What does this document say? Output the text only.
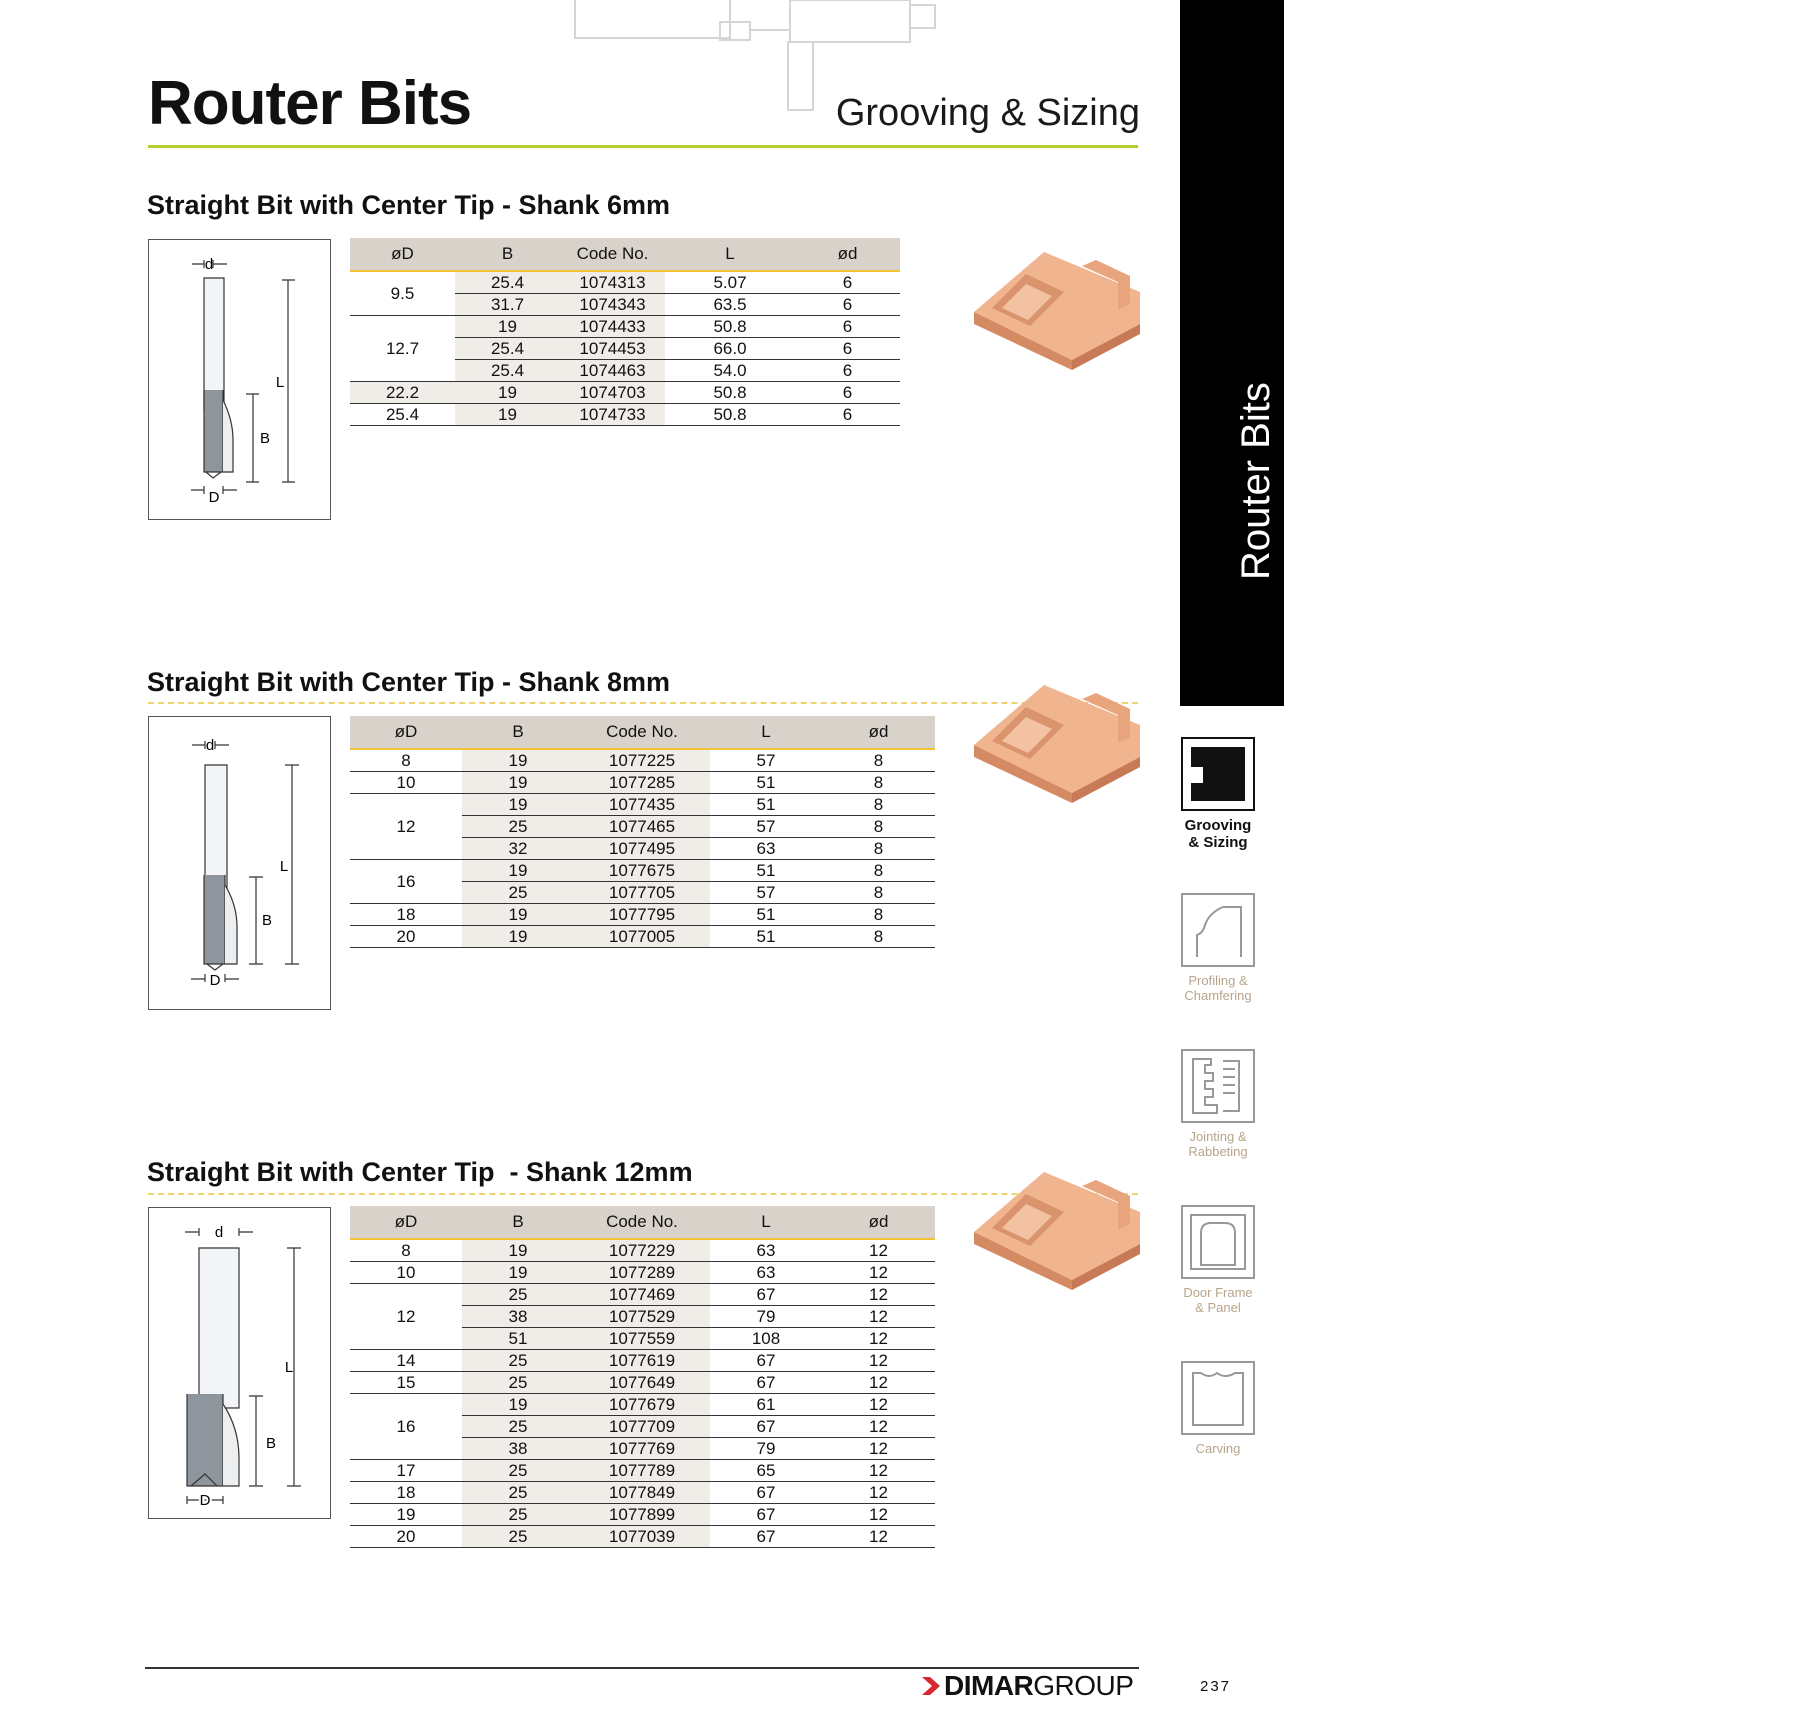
Router Bits	Grooving & Sizing
Router Bits
Grooving
& Sizing
Profiling &
Chamfering
Jointing &
Rabbeting
Door Frame
& Panel
Carving
Straight Bit with Center Tip - Shank 6mm
d
L
B
D
øD	B	Code No.	L	ød
9.5	25.4	1074313	5.07	6
	31.7	1074343	63.5	6
12.7	19	1074433	50.8	6
	25.4	1074453	66.0	6
	25.4	1074463	54.0	6
22.2	19	1074703	50.8	6
25.4	19	1074733	50.8	6
Straight Bit with Center Tip - Shank 8mm
d
L
B
D
øD	B	Code No.	L	ød
8	19	1077225	57	8
10	19	1077285	51	8
12	19	1077435	51	8
	25	1077465	57	8
	32	1077495	63	8
16	19	1077675	51	8
	25	1077705	57	8
18	19	1077795	51	8
20	19	1077005	51	8
Straight Bit with Center Tip  - Shank 12mm
d
L
B
D
øD	B	Code No.	L	ød
8	19	1077229	63	12
10	19	1077289	63	12
12	25	1077469	67	12
	38	1077529	79	12
	51	1077559	108	12
14	25	1077619	67	12
15	25	1077649	67	12
16	19	1077679	61	12
	25	1077709	67	12
	38	1077769	79	12
17	25	1077789	65	12
18	25	1077849	67	12
19	25	1077899	67	12
20	25	1077039	67	12
DIMARGROUP	237
